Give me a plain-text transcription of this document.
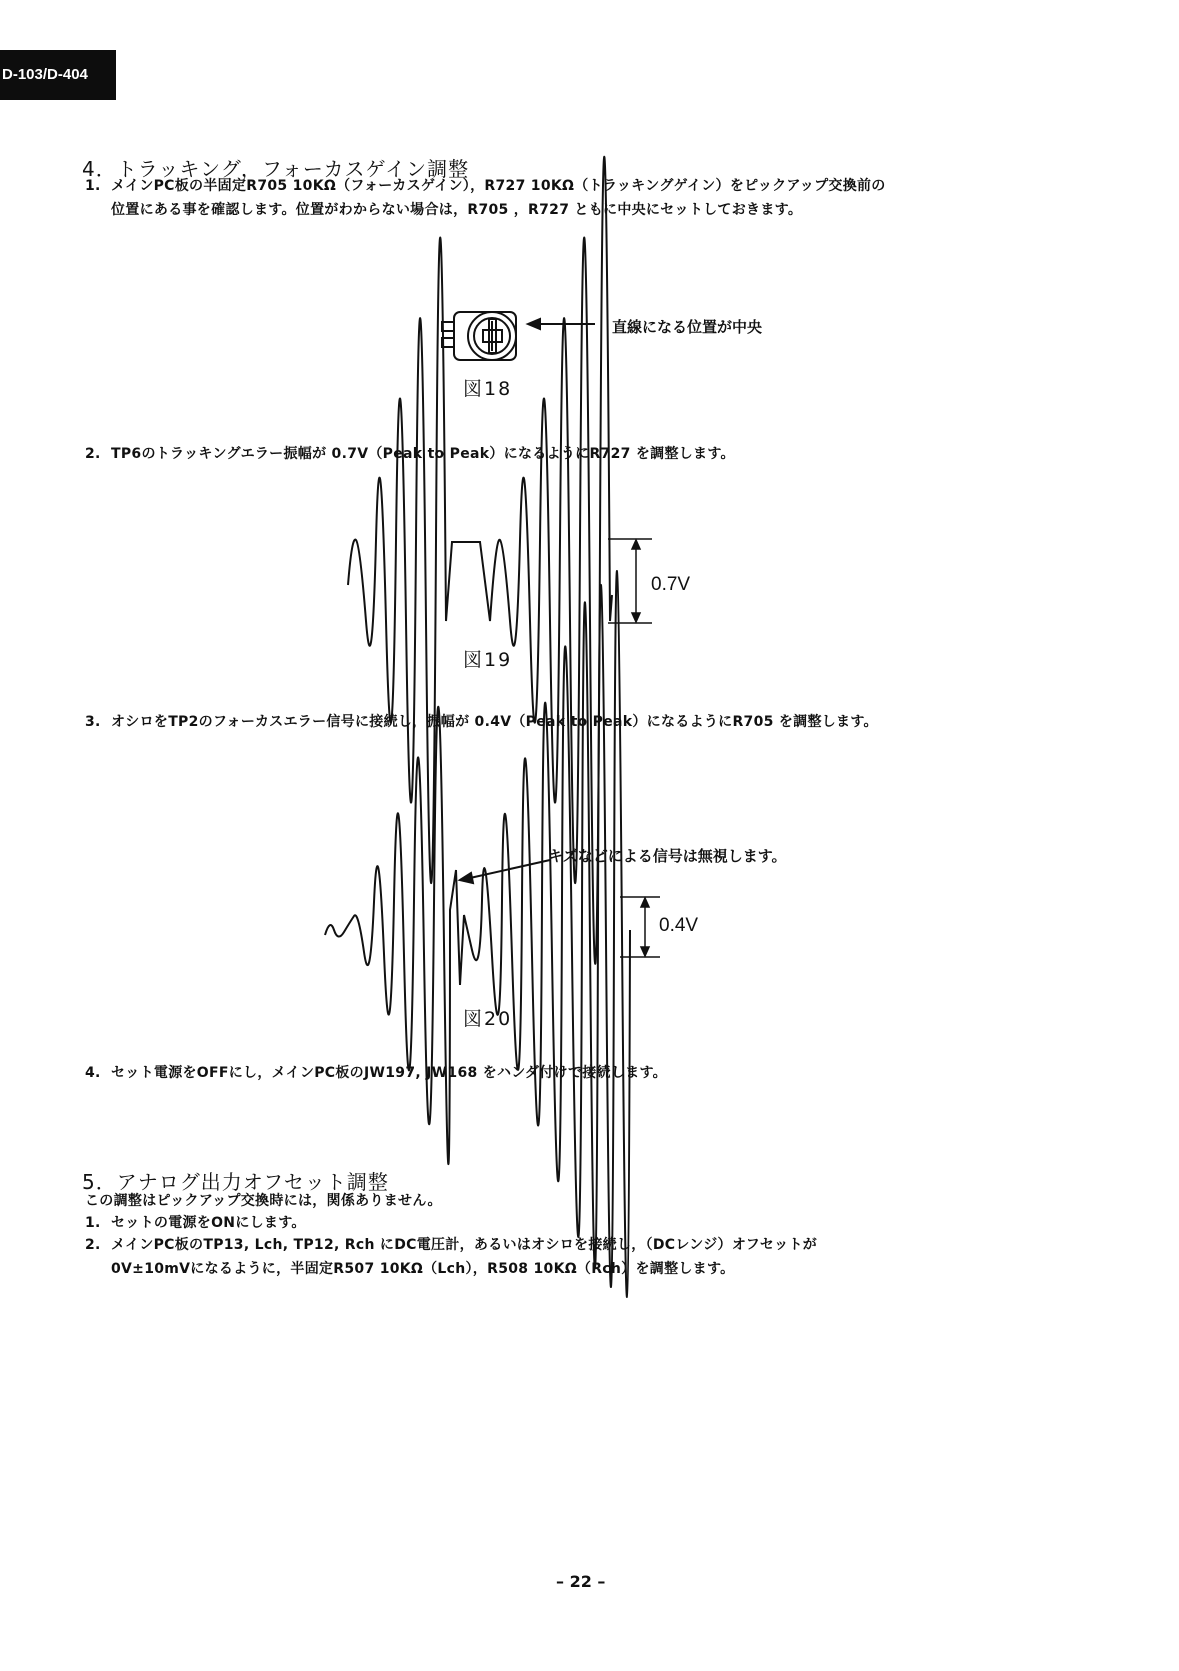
D-103/D-404
4．トラッキング，フォーカスゲイン調整
1. メインPC板の半固定R705 10KΩ（フォーカスゲイン），R727 10KΩ（トラッキングゲイン）をピックアップ交換前の
位置にある事を確認します。位置がわからない場合は，R705 ，R727 ともに中央にセットしておきます。
直線になる位置が中央
図18
2. TP6のトラッキングエラー振幅が 0.7V（Peak to Peak）になるようにR727 を調整します。
0.7V
図19
3. オシロをTP2のフォーカスエラー信号に接続し，振幅が 0.4V（Peak to Peak）になるようにR705 を調整します。
キズなどによる信号は無視します。
0.4V
図20
4. セット電源をOFFにし，メインPC板のJW197, JW168 をハンダ付けで接続します。
5．アナログ出力オフセット調整
この調整はピックアップ交換時には，関係ありません。
1. セットの電源をONにします。
2. メインPC板のTP13, Lch, TP12, Rch にDC電圧計，あるいはオシロを接続し，（DCレンジ）オフセットが
0V±10mVになるように，半固定R507 10KΩ（Lch），R508 10KΩ（Rch）を調整します。
– 22 –
